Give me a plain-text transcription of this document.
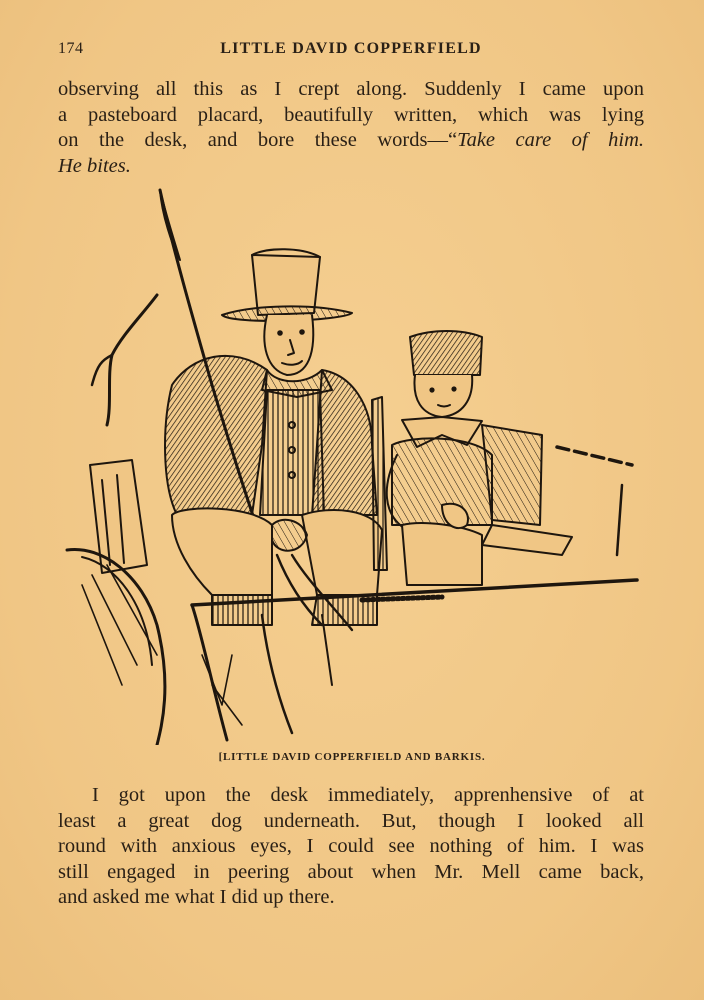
174	LITTLE DAVID COPPERFIELD
observing all this as I crept along. Suddenly I came upon
a pasteboard placard, beautifully written, which was lying
on the desk, and bore these words—“Take care of him.
He bites.
[LITTLE DAVID COPPERFIELD AND BARKIS.
I got upon the desk immediately, apprenhensive of at
least a great dog underneath. But, though I looked all
round with anxious eyes, I could see nothing of him. I was
still engaged in peering about when Mr. Mell came back,
and asked me what I did up there.
